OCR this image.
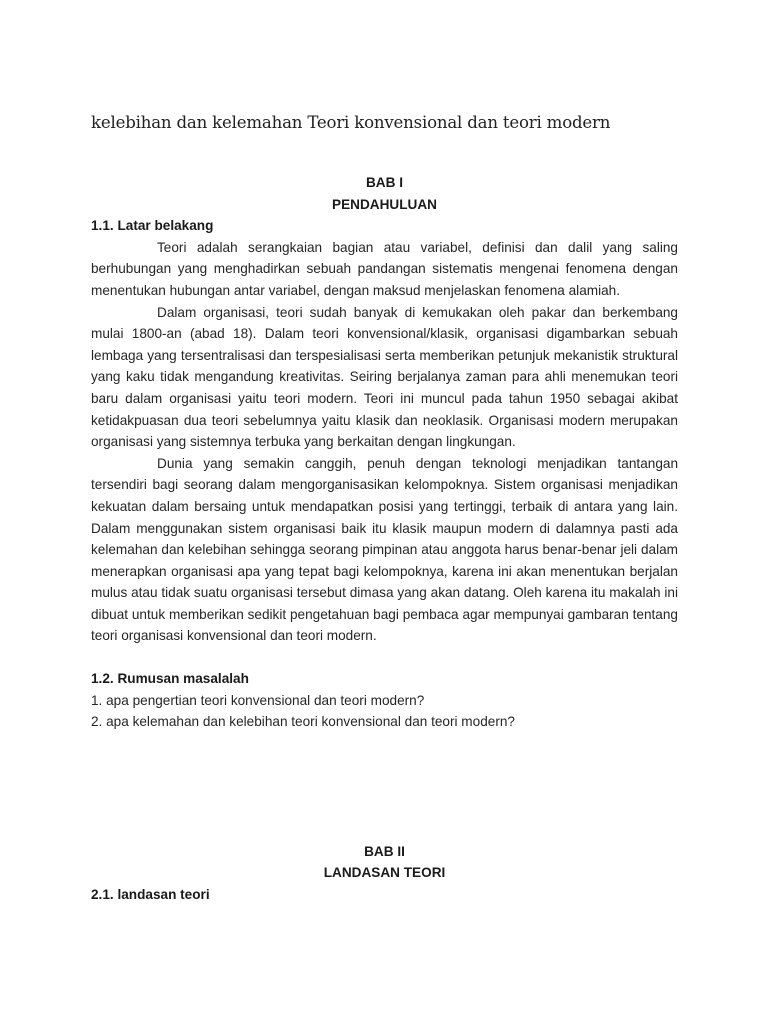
kelebihan dan kelemahan Teori konvensional dan teori modern

BAB I

PENDAHULUAN

1.1. Latar belakang

Teori adalah serangkaian bagian atau variabel, definisi dan dalil yang saling berhubungan yang menghadirkan sebuah pandangan sistematis mengenai fenomena dengan menentukan hubungan antar variabel, dengan maksud menjelaskan fenomena alamiah.

Dalam organisasi, teori sudah banyak di kemukakan oleh pakar dan berkembang mulai 1800-an (abad 18). Dalam teori konvensional/klasik, organisasi digambarkan sebuah lembaga yang tersentralisasi dan terspesialisasi serta memberikan petunjuk mekanistik struktural yang kaku tidak mengandung kreativitas. Seiring berjalanya zaman para ahli menemukan teori baru dalam organisasi yaitu teori modern. Teori ini muncul pada tahun 1950 sebagai akibat ketidakpuasan dua teori sebelumnya yaitu klasik dan neoklasik. Organisasi modern merupakan organisasi yang sistemnya terbuka yang berkaitan dengan lingkungan.

Dunia yang semakin canggih, penuh dengan teknologi menjadikan tantangan tersendiri bagi seorang dalam mengorganisasikan kelompoknya. Sistem organisasi menjadikan kekuatan dalam bersaing untuk mendapatkan posisi yang tertinggi, terbaik di antara yang lain. Dalam menggunakan sistem organisasi baik itu klasik maupun modern di dalamnya pasti ada kelemahan dan kelebihan sehingga seorang pimpinan atau anggota harus benar-benar jeli dalam menerapkan organisasi apa yang tepat bagi kelompoknya, karena ini akan menentukan berjalan mulus atau tidak suatu organisasi tersebut dimasa yang akan datang. Oleh karena itu makalah ini dibuat untuk memberikan sedikit pengetahuan bagi pembaca agar mempunyai gambaran tentang teori organisasi konvensional dan teori modern.

1.2. Rumusan masalalah

1. apa pengertian teori konvensional dan teori modern?
2. apa kelemahan dan kelebihan teori konvensional dan teori modern?

BAB II

LANDASAN TEORI

2.1. landasan teori
